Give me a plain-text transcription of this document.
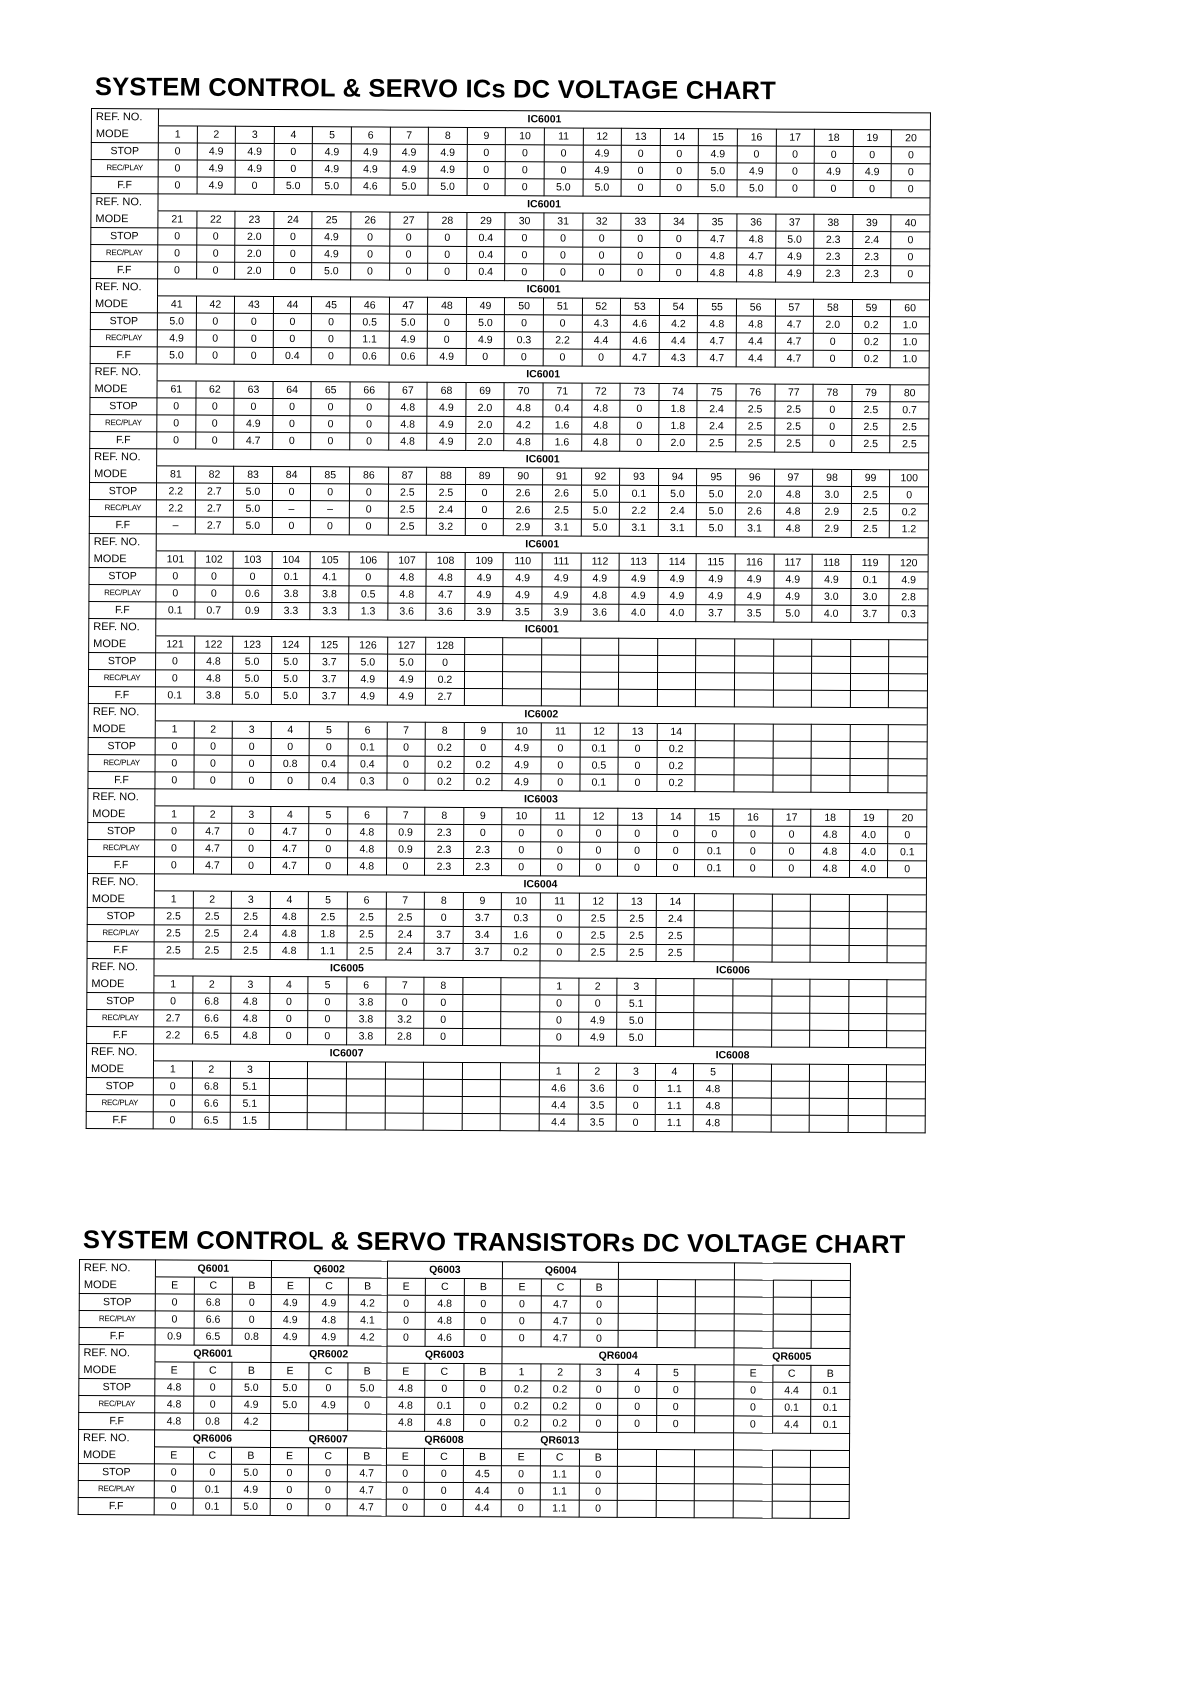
SYSTEM CONTROL & SERVO ICs DC VOLTAGE CHART
REF. NO.	IC6001																			
MODE	1	2	3	4	5	6	7	8	9	10	11	12	13	14	15	16	17	18	19	20
STOP	0	4.9	4.9	0	4.9	4.9	4.9	4.9	0	0	0	4.9	0	0	4.9	0	0	0	0	0
REC/PLAY	0	4.9	4.9	0	4.9	4.9	4.9	4.9	0	0	0	4.9	0	0	5.0	4.9	0	4.9	4.9	0
F.F	0	4.9	0	5.0	5.0	4.6	5.0	5.0	0	0	5.0	5.0	0	0	5.0	5.0	0	0	0	0
REF. NO.	IC6001																			
MODE	21	22	23	24	25	26	27	28	29	30	31	32	33	34	35	36	37	38	39	40
STOP	0	0	2.0	0	4.9	0	0	0	0.4	0	0	0	0	0	4.7	4.8	5.0	2.3	2.4	0
REC/PLAY	0	0	2.0	0	4.9	0	0	0	0.4	0	0	0	0	0	4.8	4.7	4.9	2.3	2.3	0
F.F	0	0	2.0	0	5.0	0	0	0	0.4	0	0	0	0	0	4.8	4.8	4.9	2.3	2.3	0
REF. NO.	IC6001																			
MODE	41	42	43	44	45	46	47	48	49	50	51	52	53	54	55	56	57	58	59	60
STOP	5.0	0	0	0	0	0.5	5.0	0	5.0	0	0	4.3	4.6	4.2	4.8	4.8	4.7	2.0	0.2	1.0
REC/PLAY	4.9	0	0	0	0	1.1	4.9	0	4.9	0.3	2.2	4.4	4.6	4.4	4.7	4.4	4.7	0	0.2	1.0
F.F	5.0	0	0	0.4	0	0.6	0.6	4.9	0	0	0	0	4.7	4.3	4.7	4.4	4.7	0	0.2	1.0
REF. NO.	IC6001																			
MODE	61	62	63	64	65	66	67	68	69	70	71	72	73	74	75	76	77	78	79	80
STOP	0	0	0	0	0	0	4.8	4.9	2.0	4.8	0.4	4.8	0	1.8	2.4	2.5	2.5	0	2.5	0.7
REC/PLAY	0	0	4.9	0	0	0	4.8	4.9	2.0	4.2	1.6	4.8	0	1.8	2.4	2.5	2.5	0	2.5	2.5
F.F	0	0	4.7	0	0	0	4.8	4.9	2.0	4.8	1.6	4.8	0	2.0	2.5	2.5	2.5	0	2.5	2.5
REF. NO.	IC6001																			
MODE	81	82	83	84	85	86	87	88	89	90	91	92	93	94	95	96	97	98	99	100
STOP	2.2	2.7	5.0	0	0	0	2.5	2.5	0	2.6	2.6	5.0	0.1	5.0	5.0	2.0	4.8	3.0	2.5	0
REC/PLAY	2.2	2.7	5.0	–	–	0	2.5	2.4	0	2.6	2.5	5.0	2.2	2.4	5.0	2.6	4.8	2.9	2.5	0.2
F.F	–	2.7	5.0	0	0	0	2.5	3.2	0	2.9	3.1	5.0	3.1	3.1	5.0	3.1	4.8	2.9	2.5	1.2
REF. NO.	IC6001																			
MODE	101	102	103	104	105	106	107	108	109	110	111	112	113	114	115	116	117	118	119	120
STOP	0	0	0	0.1	4.1	0	4.8	4.8	4.9	4.9	4.9	4.9	4.9	4.9	4.9	4.9	4.9	4.9	0.1	4.9
REC/PLAY	0	0	0.6	3.8	3.8	0.5	4.8	4.7	4.9	4.9	4.9	4.8	4.9	4.9	4.9	4.9	4.9	3.0	3.0	2.8
F.F	0.1	0.7	0.9	3.3	3.3	1.3	3.6	3.6	3.9	3.5	3.9	3.6	4.0	4.0	3.7	3.5	5.0	4.0	3.7	0.3
REF. NO.	IC6001																			
MODE	121	122	123	124	125	126	127	128												
STOP	0	4.8	5.0	5.0	3.7	5.0	5.0	0												
REC/PLAY	0	4.8	5.0	5.0	3.7	4.9	4.9	0.2												
F.F	0.1	3.8	5.0	5.0	3.7	4.9	4.9	2.7												
REF. NO.	IC6002																			
MODE	1	2	3	4	5	6	7	8	9	10	11	12	13	14						
STOP	0	0	0	0	0	0.1	0	0.2	0	4.9	0	0.1	0	0.2						
REC/PLAY	0	0	0	0.8	0.4	0.4	0	0.2	0.2	4.9	0	0.5	0	0.2						
F.F	0	0	0	0	0.4	0.3	0	0.2	0.2	4.9	0	0.1	0	0.2						
REF. NO.	IC6003																			
MODE	1	2	3	4	5	6	7	8	9	10	11	12	13	14	15	16	17	18	19	20
STOP	0	4.7	0	4.7	0	4.8	0.9	2.3	0	0	0	0	0	0	0	0	0	4.8	4.0	0
REC/PLAY	0	4.7	0	4.7	0	4.8	0.9	2.3	2.3	0	0	0	0	0	0.1	0	0	4.8	4.0	0.1
F.F	0	4.7	0	4.7	0	4.8	0	2.3	2.3	0	0	0	0	0	0.1	0	0	4.8	4.0	0
REF. NO.	IC6004																			
MODE	1	2	3	4	5	6	7	8	9	10	11	12	13	14						
STOP	2.5	2.5	2.5	4.8	2.5	2.5	2.5	0	3.7	0.3	0	2.5	2.5	2.4						
REC/PLAY	2.5	2.5	2.4	4.8	1.8	2.5	2.4	3.7	3.4	1.6	0	2.5	2.5	2.5						
F.F	2.5	2.5	2.5	4.8	1.1	2.5	2.4	3.7	3.7	0.2	0	2.5	2.5	2.5						
REF. NO.	IC6005										IC6006									
MODE	1	2	3	4	5	6	7	8			1	2	3							
STOP	0	6.8	4.8	0	0	3.8	0	0			0	0	5.1							
REC/PLAY	2.7	6.6	4.8	0	0	3.8	3.2	0			0	4.9	5.0							
F.F	2.2	6.5	4.8	0	0	3.8	2.8	0			0	4.9	5.0							
REF. NO.	IC6007										IC6008									
MODE	1	2	3								1	2	3	4	5					
STOP	0	6.8	5.1								4.6	3.6	0	1.1	4.8					
REC/PLAY	0	6.6	5.1								4.4	3.5	0	1.1	4.8					
F.F	0	6.5	1.5								4.4	3.5	0	1.1	4.8					
SYSTEM CONTROL & SERVO TRANSISTORs DC VOLTAGE CHART
REF. NO.	Q6001			Q6002			Q6003			Q6004								
MODE	E	C	B	E	C	B	E	C	B	E	C	B						
STOP	0	6.8	0	4.9	4.9	4.2	0	4.8	0	0	4.7	0						
REC/PLAY	0	6.6	0	4.9	4.8	4.1	0	4.8	0	0	4.7	0						
F.F	0.9	6.5	0.8	4.9	4.9	4.2	0	4.6	0	0	4.7	0						
REF. NO.	QR6001			QR6002			QR6003			QR6004						QR6005		
MODE	E	C	B	E	C	B	E	C	B	1	2	3	4	5		E	C	B
STOP	4.8	0	5.0	5.0	0	5.0	4.8	0	0	0.2	0.2	0	0	0		0	4.4	0.1
REC/PLAY	4.8	0	4.9	5.0	4.9	0	4.8	0.1	0	0.2	0.2	0	0	0		0	0.1	0.1
F.F	4.8	0.8	4.2				4.8	4.8	0	0.2	0.2	0	0	0		0	4.4	0.1
REF. NO.	QR6006			QR6007			QR6008			QR6013								
MODE	E	C	B	E	C	B	E	C	B	E	C	B						
STOP	0	0	5.0	0	0	4.7	0	0	4.5	0	1.1	0						
REC/PLAY	0	0.1	4.9	0	0	4.7	0	0	4.4	0	1.1	0						
F.F	0	0.1	5.0	0	0	4.7	0	0	4.4	0	1.1	0						
